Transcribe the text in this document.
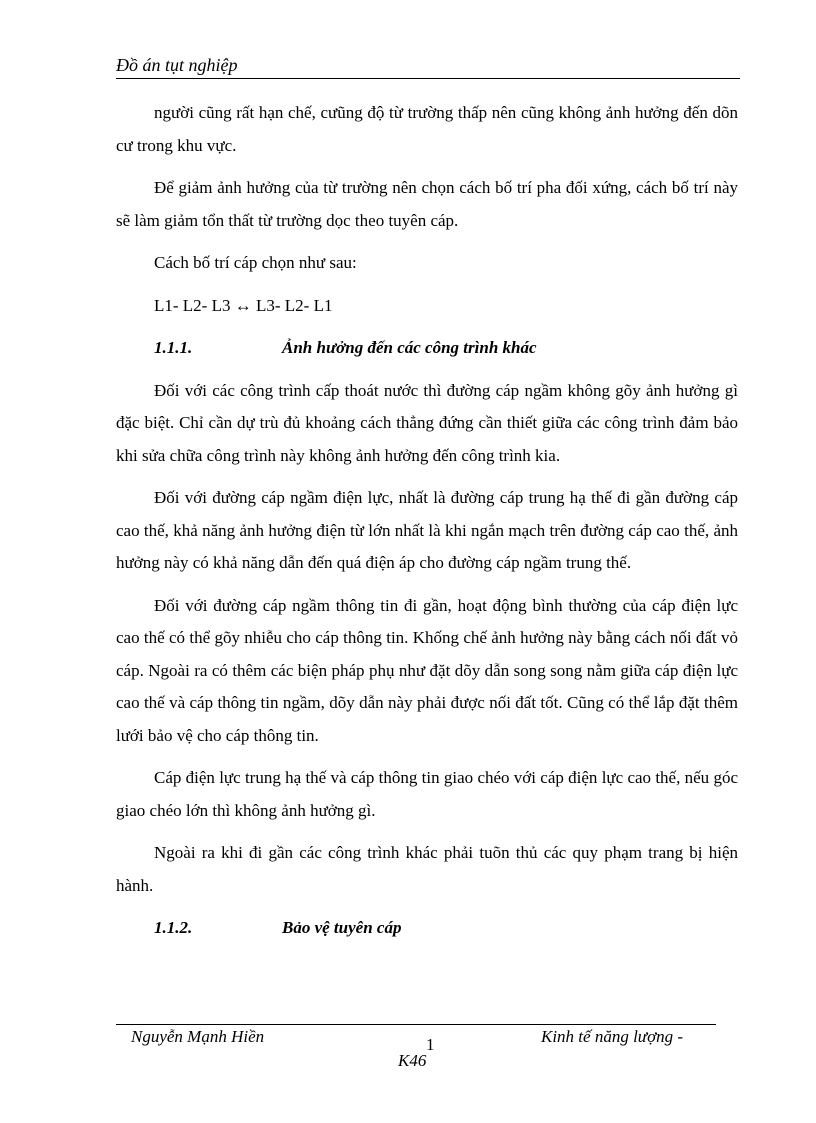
Đồ án tụt nghiệp

người cũng rất hạn chế, cưũng độ từ trường thấp nên cũng không ảnh hưởng đến dõn cư trong khu vực.

Để giảm ảnh hưởng của từ trường nên chọn cách bố trí pha đối xứng, cách bố trí này sẽ làm giảm tổn thất từ trường dọc theo tuyên cáp.

Cách bố trí cáp chọn như sau:

L1- L2- L3 ↔ L3- L2- L1
1.1.1.	Ảnh hưởng đến các công trình khác

Đối với các công trình cấp thoát nước thì đường cáp ngầm không gõy ảnh hưởng gì đặc biệt. Chỉ cần dự trù đủ khoảng cách thẳng đứng cần thiết giữa các công trình đảm bảo khi sửa chữa công trình này không ảnh hưởng đến công trình kia.

Đối với đường cáp ngầm điện lực, nhất là đường cáp trung hạ thế đi gần đường cáp cao thế, khả năng ảnh hưởng điện từ lớn nhất là khi ngắn mạch trên đường cáp cao thế, ảnh hưởng này có khả năng dẫn đến quá điện áp cho đường cáp ngầm trung thế.

Đối với đường cáp ngầm thông tin đi gần, hoạt động bình thường của cáp điện lực cao thế có thể gõy nhiễu cho cáp thông tin. Khống chế ảnh hưởng này bằng cách nối đất vỏ cáp. Ngoài ra có thêm các biện pháp phụ như đặt dõy dẫn song song nằm giữa cáp điện lực cao thế và cáp thông tin ngầm, dõy dẫn này phải được nối đất tốt. Cũng có thể lắp đặt thêm lưới bảo vệ cho cáp thông tin.

Cáp điện lực trung hạ thế và cáp thông tin giao chéo với cáp điện lực cao thế, nếu góc giao chéo lớn thì không ảnh hưởng gì.

Ngoài ra khi đi gần các công trình khác phải tuõn thủ các quy phạm trang bị hiện hành.

1.1.2.	Bảo vệ tuyên cáp
Nguyễn Mạnh Hiền	1	Kinh tế năng lượng -
K46
